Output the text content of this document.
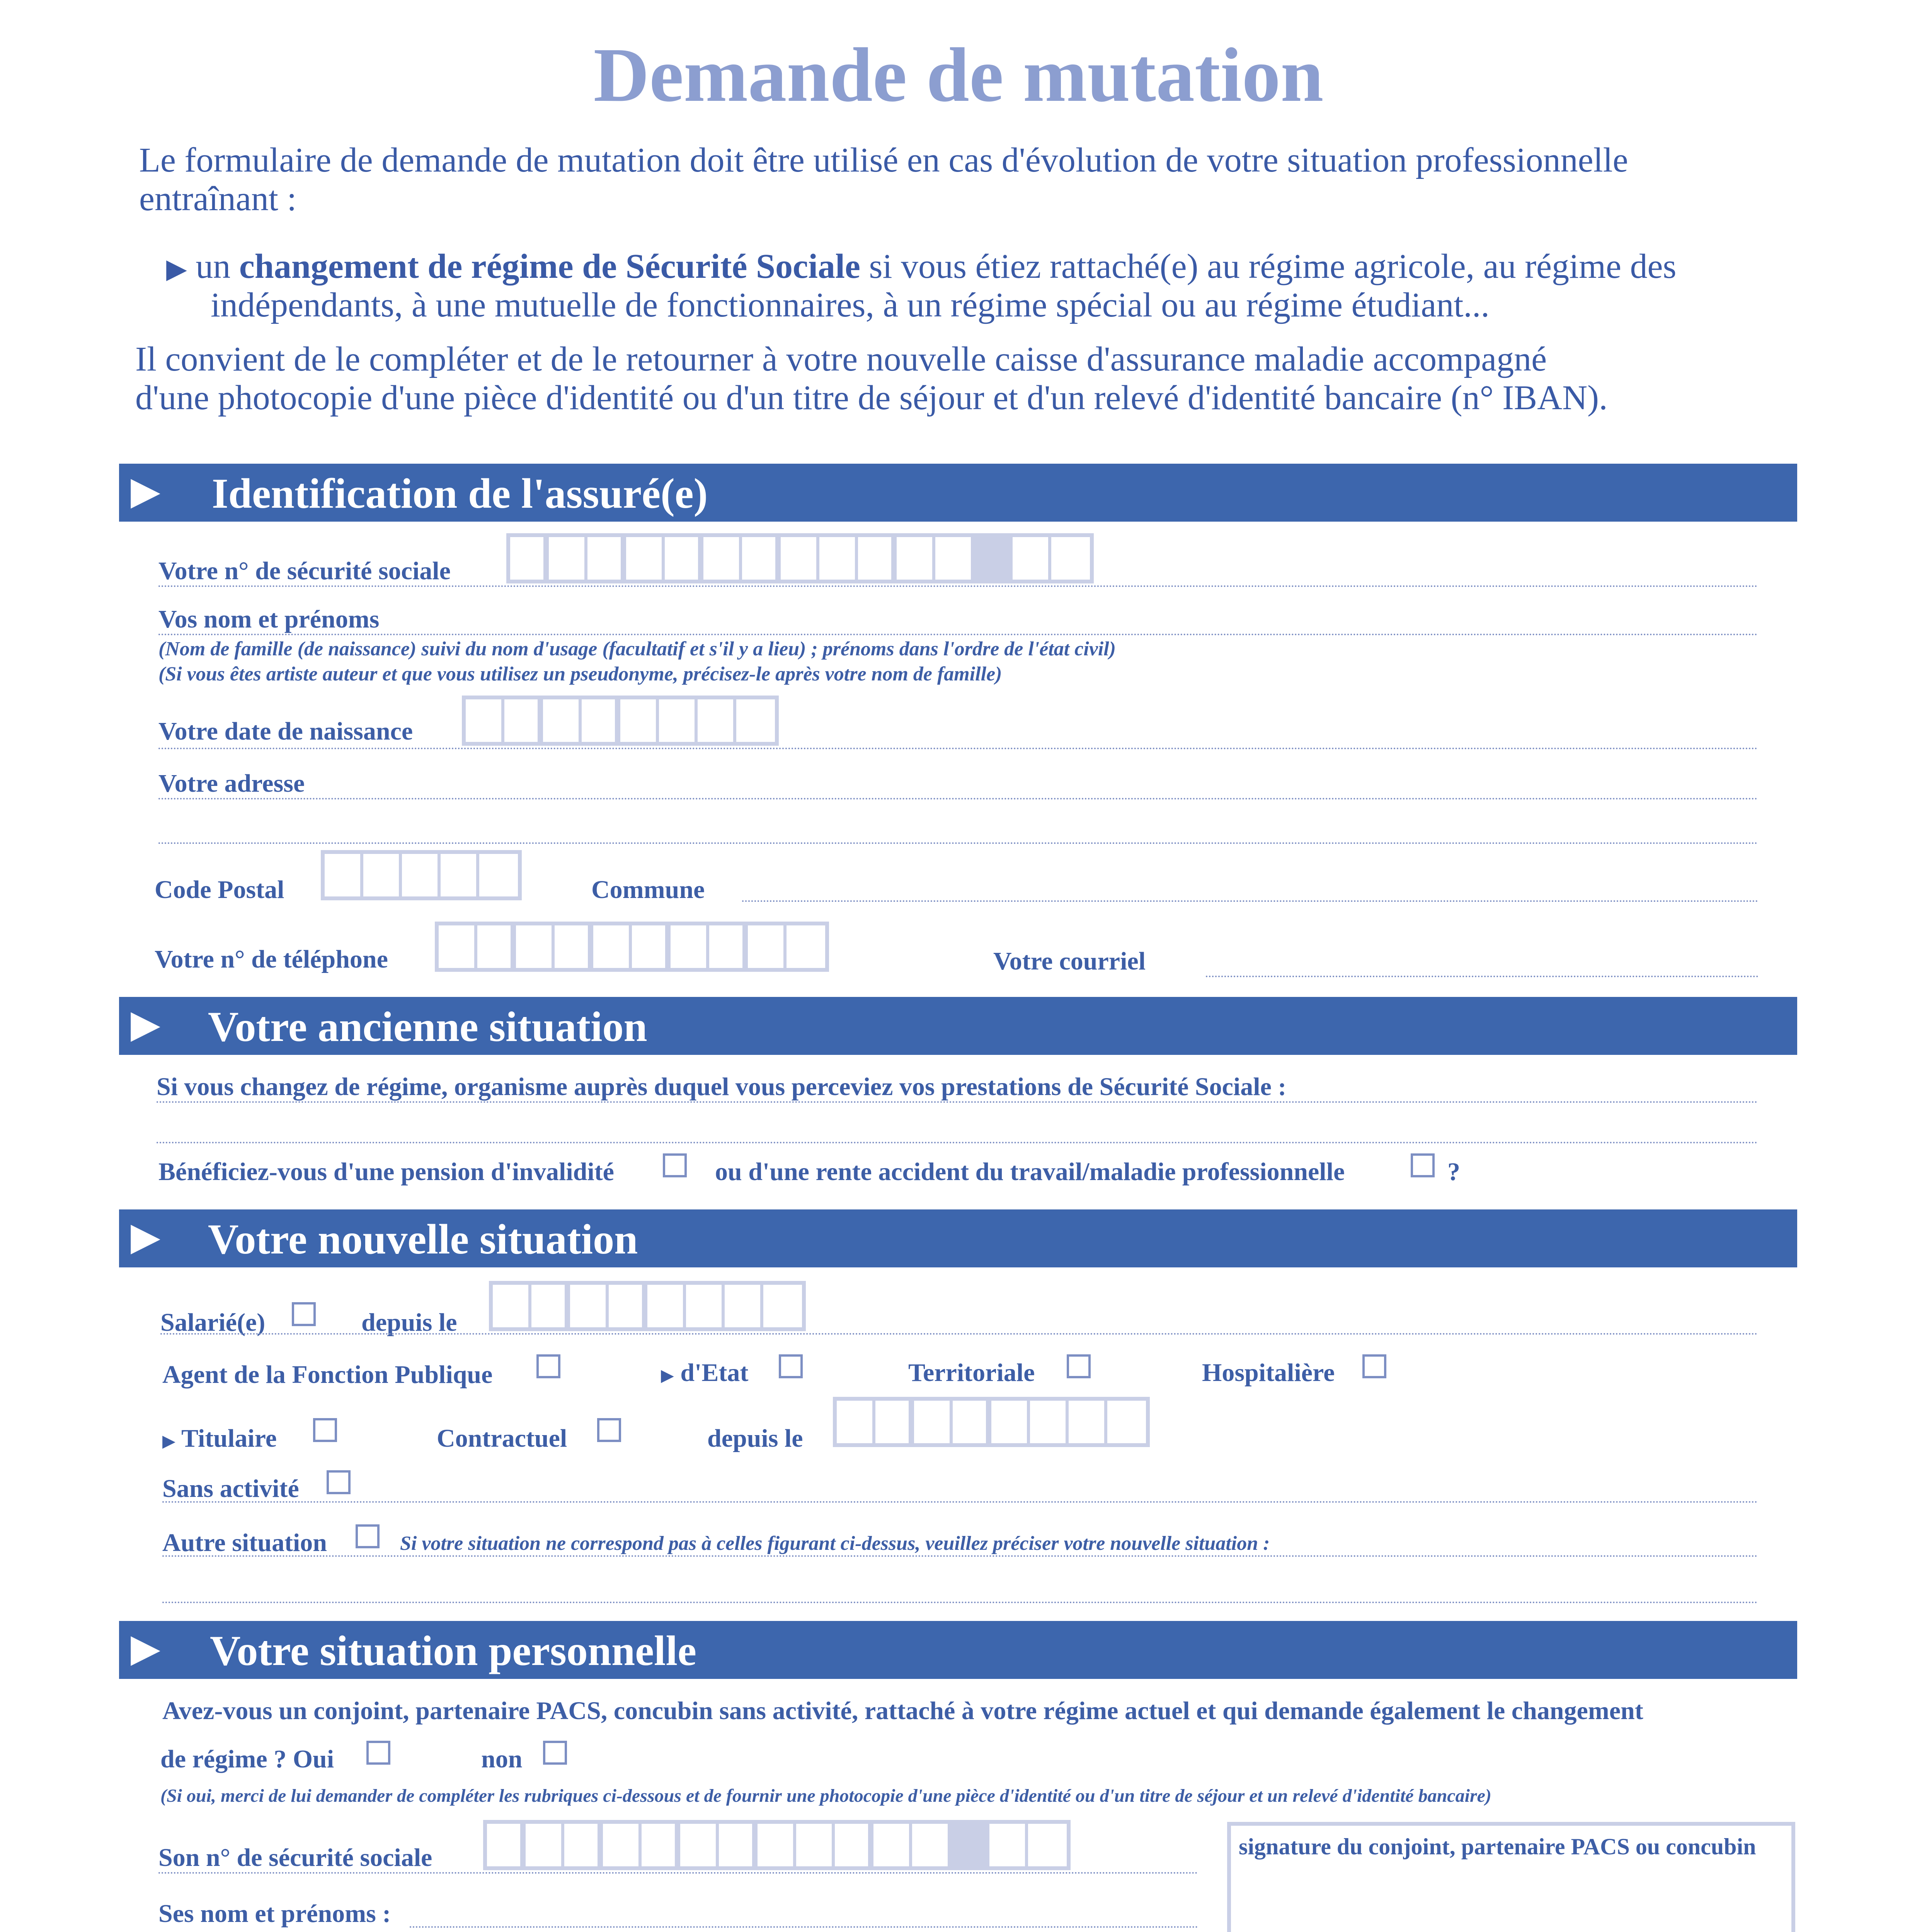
Demande de mutation
Le formulaire de demande de mutation doit être utilisé en cas d'évolution de votre situation professionnelle
entraînant :
▶ un changement de régime de Sécurité Sociale si vous étiez rattaché(e) au régime agricole, au régime des
indépendants, à une mutuelle de fonctionnaires, à un régime spécial ou au régime étudiant...
Il convient de le compléter et de le retourner à votre nouvelle caisse d'assurance maladie accompagné
d'une photocopie d'une pièce d'identité ou d'un titre de séjour et d'un relevé d'identité bancaire (n° IBAN).
▶ Identification de l'assuré(e)
Votre n° de sécurité sociale
Vos nom et prénoms
(Nom de famille (de naissance) suivi du nom d'usage (facultatif et s'il y a lieu) ; prénoms dans l'ordre de l'état civil)
(Si vous êtes artiste auteur et que vous utilisez un pseudonyme, précisez-le après votre nom de famille)
Votre date de naissance
Votre adresse
Code Postal	Commune
Votre n° de téléphone	Votre courriel
▶ Votre ancienne situation
Si vous changez de régime, organisme auprès duquel vous perceviez vos prestations de Sécurité Sociale :
Bénéficiez-vous d'une pension d'invalidité	ou d'une rente accident du travail/maladie professionnelle	?
▶ Votre nouvelle situation
Salarié(e)	depuis le
Agent de la Fonction Publique	▶ d'Etat	Territoriale	Hospitalière
▶ Titulaire	Contractuel	depuis le
Sans activité
Autre situation	Si votre situation ne correspond pas à celles figurant ci-dessus, veuillez préciser votre nouvelle situation :
▶ Votre situation personnelle
Avez-vous un conjoint, partenaire PACS, concubin sans activité, rattaché à votre régime actuel et qui demande également le changement
de régime ? Oui	non
(Si oui, merci de lui demander de compléter les rubriques ci-dessous et de fournir une photocopie d'une pièce d'identité ou d'un titre de séjour et un relevé d'identité bancaire)
Son n° de sécurité sociale	signature du conjoint, partenaire PACS ou concubin
Ses nom et prénoms :
